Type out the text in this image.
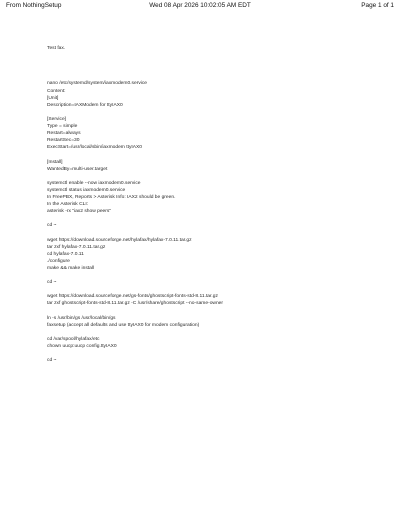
From NothingSetup	Wed 08 Apr 2026 10:02:05 AM EDT	Page 1 of 1
Test fax.
nano /etc/systemd/system/iaxmodem0.service
Content:
[Unit]
Description=IAXModem for ttyIAX0
[Service]
Type = simple
Restart=always
RestartSec=30
ExecStart=/usr/local/sbin/iaxmodem ttyIAX0
[Install]
WantedBy=multi-user.target
systemctl enable --now iaxmodem0.service
systemctl status iaxmodem0.service
In FreePBX, Reports > Asterisk Info: IAX2 should be green.
In the Asterisk CLI:
asterisk -rx "iax2 show peers"
cd ~
wget https://download.sourceforge.net/hylafax/hylafax-7.0.11.tar.gz
tar zxf hylafax-7.0.11.tar.gz
cd hylafax-7.0.11
./configure
make && make install
cd ~
wget https://download.sourceforge.net/gs-fonts/ghostscript-fonts-std-8.11.tar.gz
tar zxf ghostscript-fonts-std-8.11.tar.gz -C /usr/share/ghostscript --no-same-owner
ln -s /usr/bin/gs /usr/local/bin/gs
faxsetup (accept all defaults and use ttyIAX0 for modem configuration)
cd /var/spool/hylafax/etc
chown uucp:uucp config.ttyIAX0
cd ~
